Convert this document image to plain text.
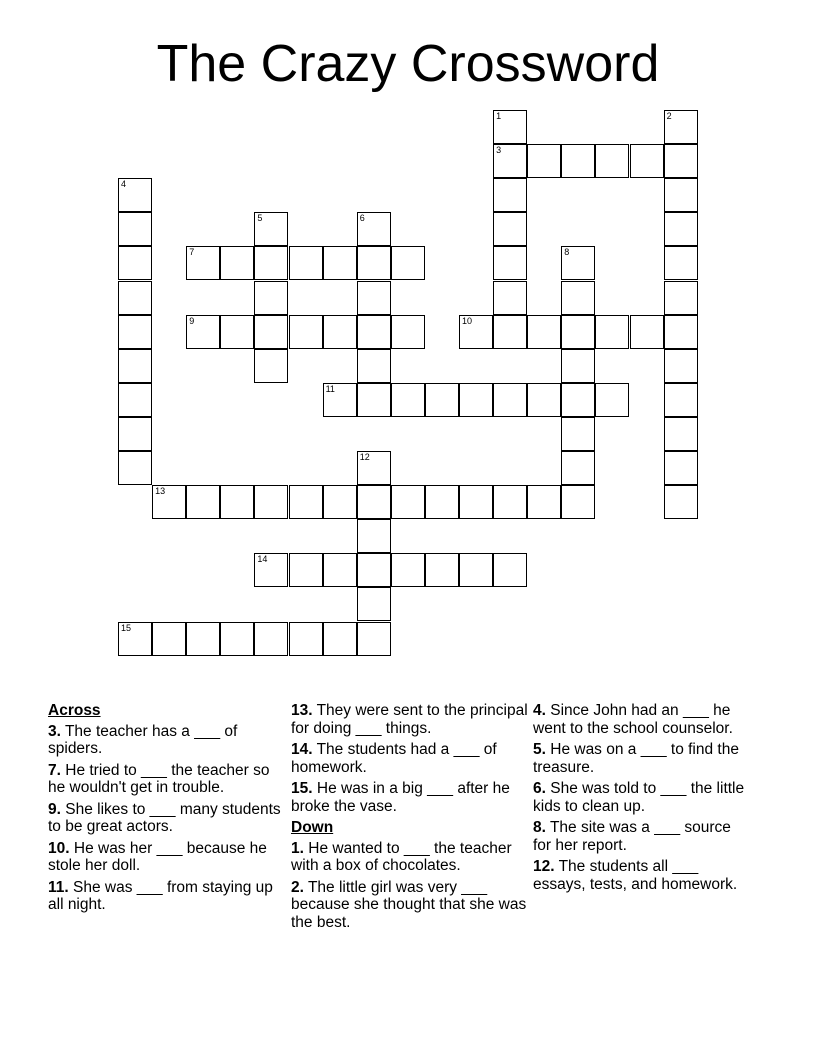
The Crazy Crossword
1
3
2
4
5	6
7	8
9	10
11
12
13
14
15
Across
3. The teacher has a ___ of spiders.
7. He tried to ___ the teacher so he wouldn't get in trouble.
9. She likes to ___ many students to be great actors.
10. He was her ___ because he stole her doll.
11. She was ___ from staying up all night.
13. They were sent to the principal for doing ___ things.
14. The students had a ___ of homework.
15. He was in a big ___ after he broke the vase.
Down
1. He wanted to ___ the teacher with a box of chocolates.
2. The little girl was very ___ because she thought that she was the best.
4. Since John had an ___ he went to the school counselor.
5. He was on a ___ to find the treasure.
6. She was told to ___ the little kids to clean up.
8. The site was a ___ source for her report.
12. The students all ___ essays, tests, and homework.
